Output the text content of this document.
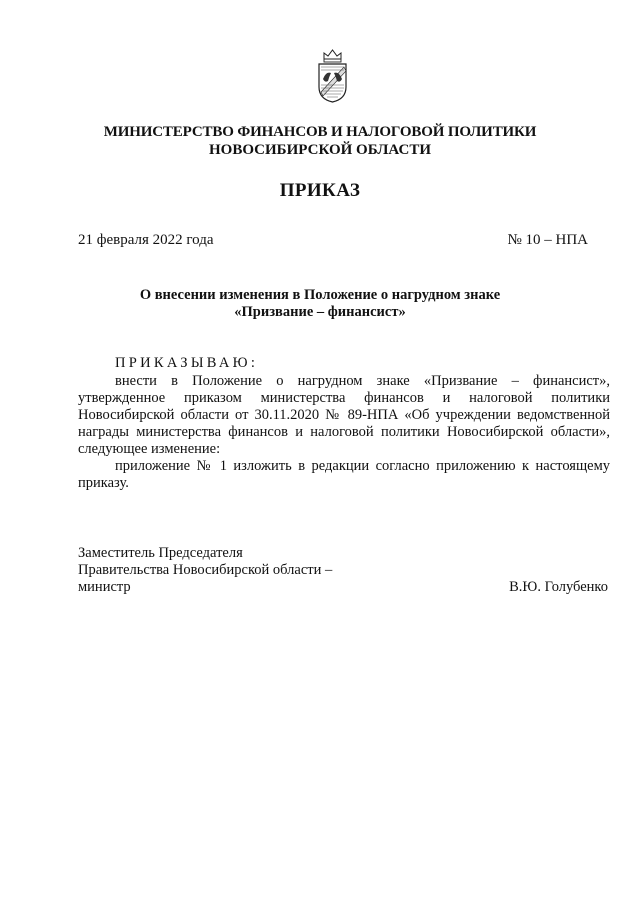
МИНИСТЕРСТВО ФИНАНСОВ И НАЛОГОВОЙ ПОЛИТИКИ
НОВОСИБИРСКОЙ ОБЛАСТИ
ПРИКАЗ
21 февраля 2022 года	№ 10 – НПА
О внесении изменения в Положение о нагрудном знаке
«Призвание – финансист»
ПРИКАЗЫВАЮ:
внести в Положение о нагрудном знаке «Призвание – финансист»,
утвержденное приказом министерства финансов и налоговой политики
Новосибирской области от 30.11.2020 № 89-НПА «Об учреждении ведомственной
награды министерства финансов и налоговой политики Новосибирской области»,
следующее изменение:
приложение № 1 изложить в редакции согласно приложению к настоящему
приказу.
Заместитель Председателя
Правительства Новосибирской области –
министр	В.Ю. Голубенко
